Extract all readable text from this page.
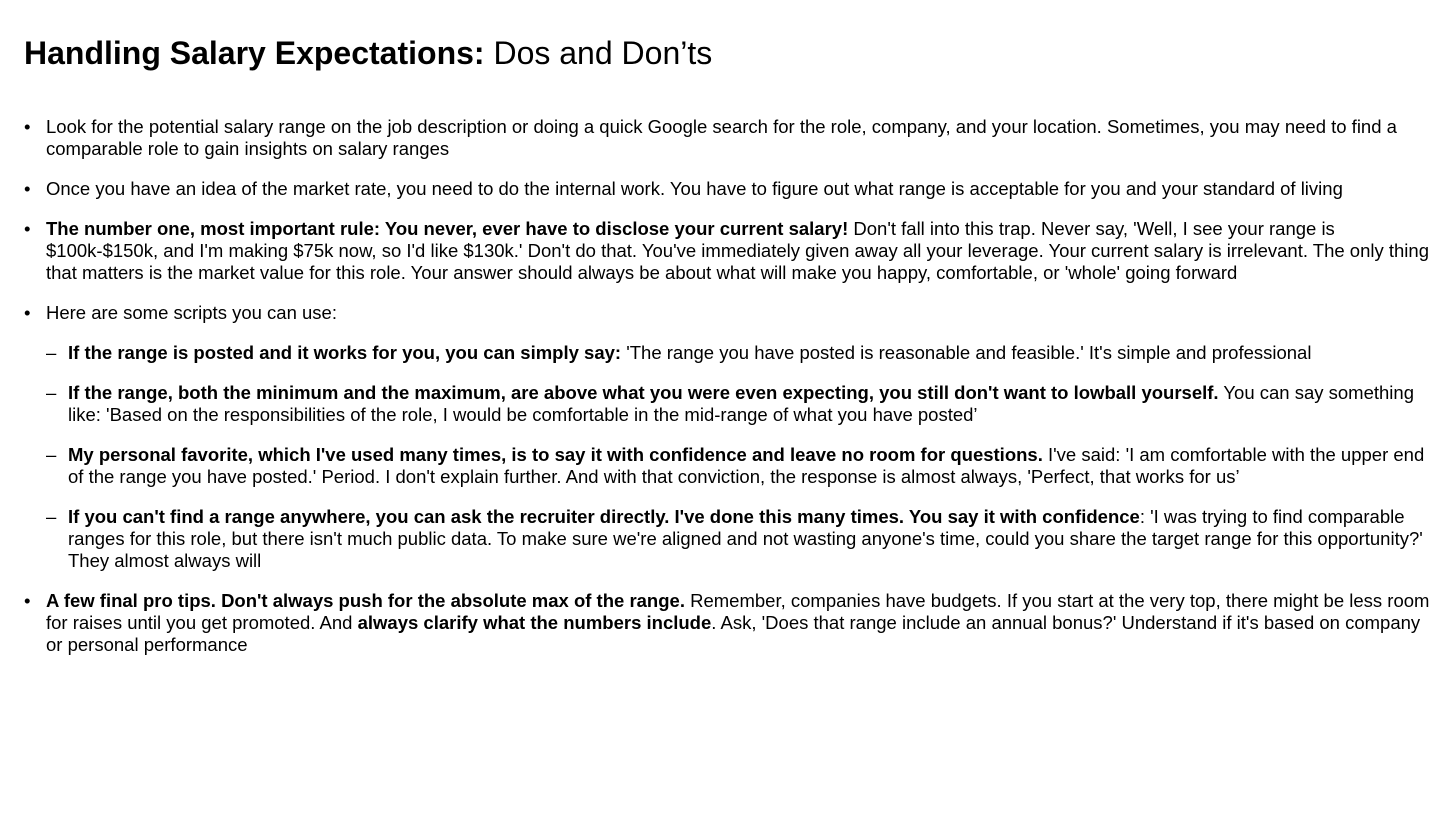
Handling Salary Expectations: Dos and Don’ts
• Look for the potential salary range on the job description or doing a quick Google search for the role, company, and your location. Sometimes, you may need to find a comparable role to gain insights on salary ranges
• Once you have an idea of the market rate, you need to do the internal work. You have to figure out what range is acceptable for you and your standard of living
• The number one, most important rule: You never, ever have to disclose your current salary! Don't fall into this trap. Never say, 'Well, I see your range is $100k-$150k, and I'm making $75k now, so I'd like $130k.' Don't do that. You've immediately given away all your leverage. Your current salary is irrelevant. The only thing that matters is the market value for this role. Your answer should always be about what will make you happy, comfortable, or 'whole' going forward
• Here are some scripts you can use:
– If the range is posted and it works for you, you can simply say: 'The range you have posted is reasonable and feasible.' It's simple and professional
– If the range, both the minimum and the maximum, are above what you were even expecting, you still don't want to lowball yourself. You can say something like: 'Based on the responsibilities of the role, I would be comfortable in the mid-range of what you have posted’
– My personal favorite, which I've used many times, is to say it with confidence and leave no room for questions. I've said: 'I am comfortable with the upper end of the range you have posted.' Period. I don't explain further. And with that conviction, the response is almost always, 'Perfect, that works for us’
– If you can't find a range anywhere, you can ask the recruiter directly. I've done this many times. You say it with confidence: 'I was trying to find comparable ranges for this role, but there isn't much public data. To make sure we're aligned and not wasting anyone's time, could you share the target range for this opportunity?' They almost always will
• A few final pro tips. Don't always push for the absolute max of the range. Remember, companies have budgets. If you start at the very top, there might be less room for raises until you get promoted. And always clarify what the numbers include. Ask, 'Does that range include an annual bonus?' Understand if it's based on company or personal performance
